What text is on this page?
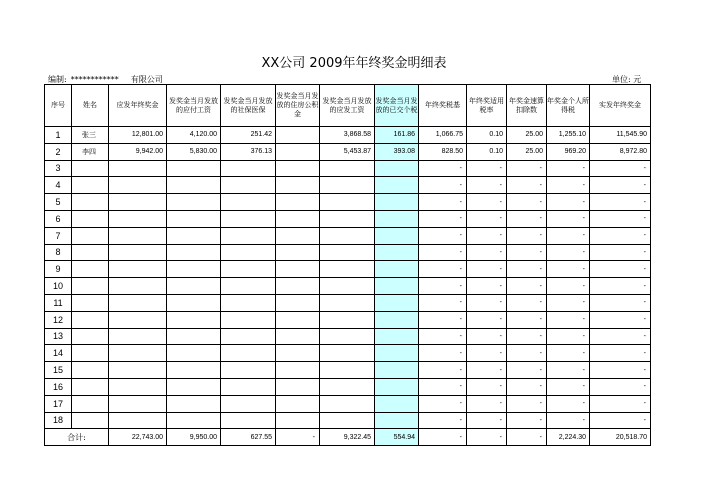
XX公司 2009年年终奖金明细表
编制: ************ 有限公司	单位: 元
序号	姓名	应发年终奖金	发奖金当月发放的应付工资	发奖金当月发放的社保医保	发奖金当月发放的住房公积金	发奖金当月发放的应发工资	发奖金当月发放的已交个税	年终奖税基	年终奖适用税率	年奖金速算扣除数	年奖金个人所得税	实发年终奖金
1	张三	12,801.00	4,120.00	251.42		3,868.58	161.86	1,066.75	0.10	25.00	1,255.10	11,545.90
2	李四	9,942.00	5,830.00	376.13		5,453.87	393.08	828.50	0.10	25.00	969.20	8,972.80
3								-	-	-	-	-
4								-	-	-	-	-
5								-	-	-	-	-
6								-	-	-	-	-
7								-	-	-	-	-
8								-	-	-	-	-
9								-	-	-	-	-
10								-	-	-	-	-
11								-	-	-	-	-
12								-	-	-	-	-
13								-	-	-	-	-
14								-	-	-	-	-
15								-	-	-	-	-
16								-	-	-	-	-
17								-	-	-	-	-
18								-	-	-	-	-
合计:		22,743.00	9,950.00	627.55	-	9,322.45	554.94	-	-	-	2,224.30	20,518.70
